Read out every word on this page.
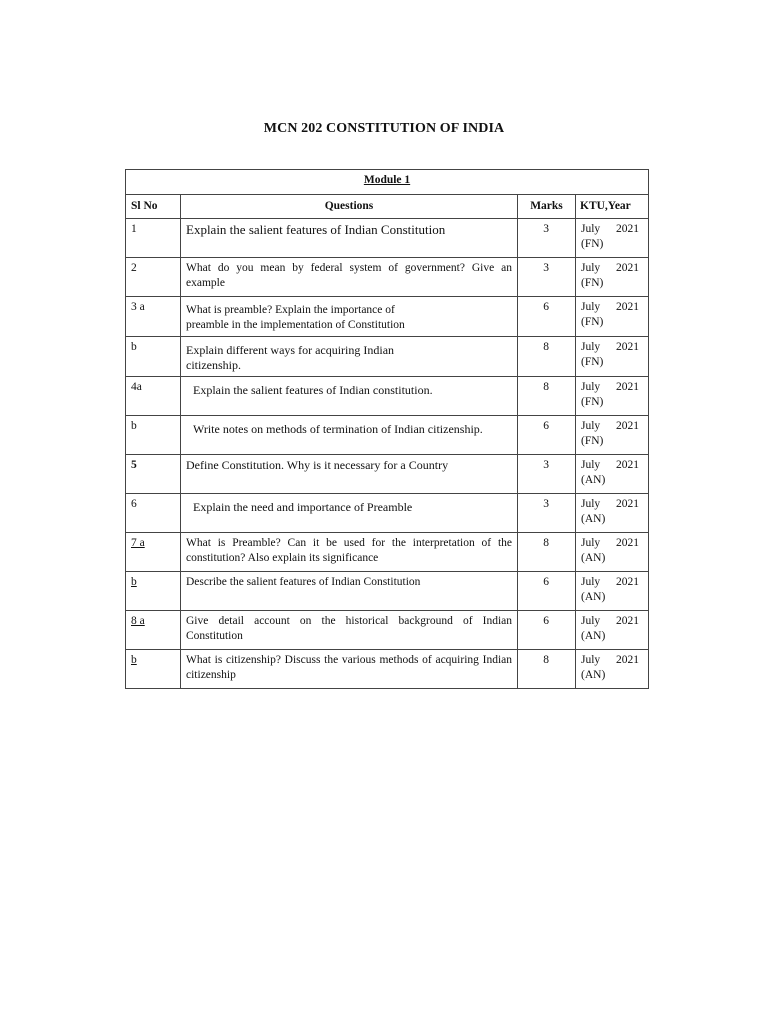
MCN 202 CONSTITUTION OF INDIA
Module 1			
Sl No	Questions	Marks	KTU,Year
1	Explain the salient features of Indian Constitution	3	July 2021
(FN)

2	What do you mean by federal system of government? Give an example	3	July 2021
(FN)

3 a	What is preamble? Explain the importance of preamble in the implementation of Constitution	6	July 2021
(FN)

b	Explain different ways for acquiring Indian citizenship.	8	July 2021
(FN)

4a	Explain the salient features of Indian constitution.	8	July 2021
(FN)

b	Write notes on methods of termination of Indian citizenship.	6	July 2021
(FN)

5	Define Constitution. Why is it necessary for a Country	3	July 2021
(AN)

6	Explain the need and importance of Preamble	3	July 2021
(AN)

7 a	What is Preamble? Can it be used for the interpretation of the constitution? Also explain its significance	8	July 2021
(AN)

b	Describe the salient features of Indian Constitution	6	July 2021
(AN)

8 a	Give detail account on the historical background of Indian Constitution	6	July 2021
(AN)

b	What is citizenship? Discuss the various methods of acquiring Indian citizenship	8	July 2021
(AN)
